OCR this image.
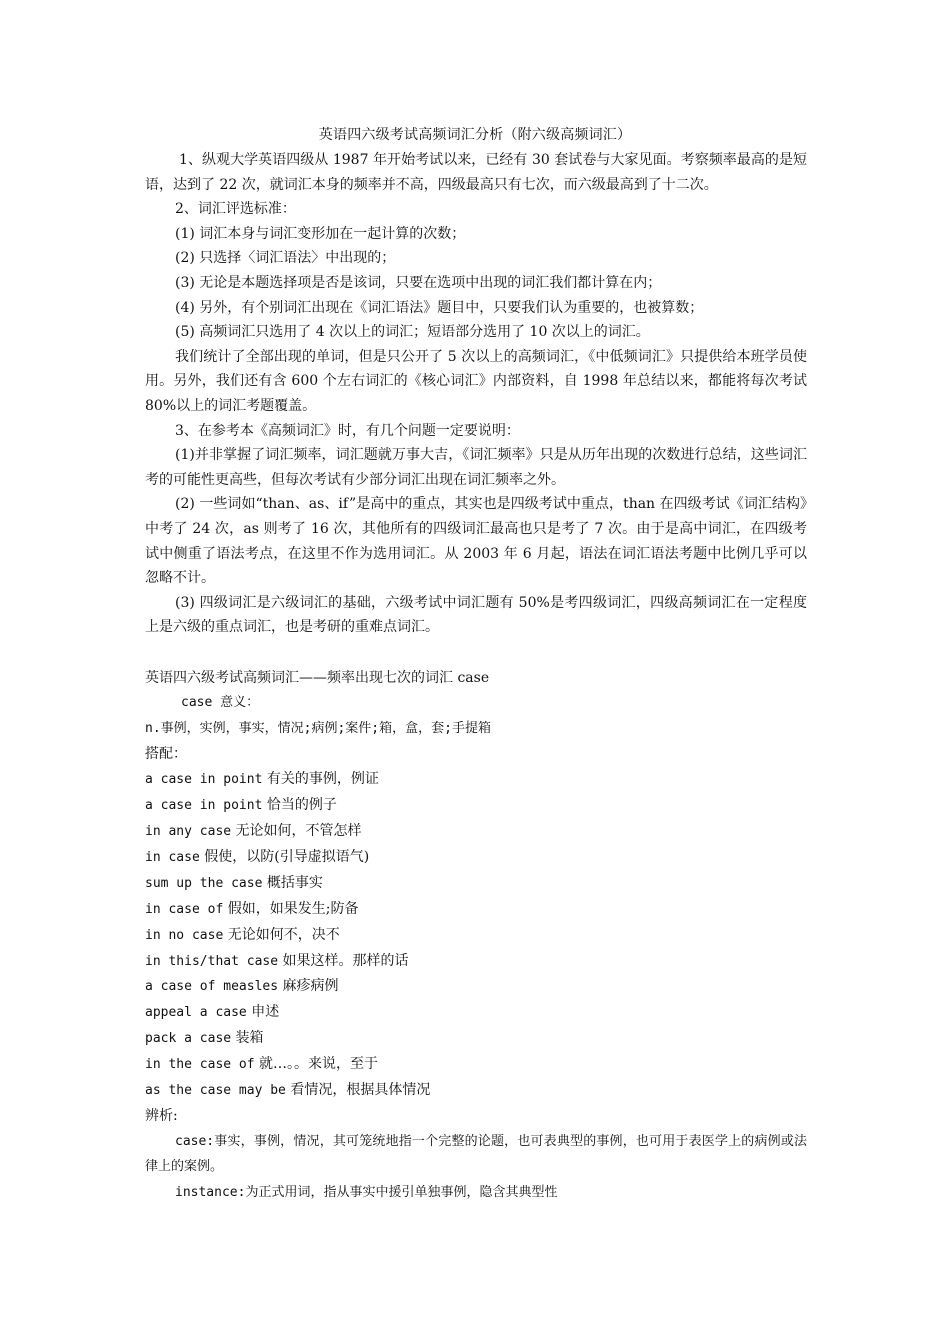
英语四六级考试高频词汇分析（附六级高频词汇）

1、纵观大学英语四级从 1987 年开始考试以来，已经有 30 套试卷与大家见面。考察频率最高的是短语，达到了 22 次，就词汇本身的频率并不高，四级最高只有七次，而六级最高到了十二次。

2、词汇评选标准：

(1) 词汇本身与词汇变形加在一起计算的次数；

(2) 只选择〈词汇语法〉中出现的；

(3) 无论是本题选择项是否是该词，只要在选项中出现的词汇我们都计算在内；

(4) 另外，有个别词汇出现在《词汇语法》题目中，只要我们认为重要的，也被算数；

(5) 高频词汇只选用了 4 次以上的词汇；短语部分选用了 10 次以上的词汇。

我们统计了全部出现的单词，但是只公开了 5 次以上的高频词汇，《中低频词汇》只提供给本班学员使用。另外，我们还有含 600 个左右词汇的《核心词汇》内部资料，自 1998 年总结以来，都能将每次考试 80%以上的词汇考题覆盖。

3、在参考本《高频词汇》时，有几个问题一定要说明：

(1)并非掌握了词汇频率，词汇题就万事大吉，《词汇频率》只是从历年出现的次数进行总结，这些词汇考的可能性更高些，但每次考试有少部分词汇出现在词汇频率之外。

(2) 一些词如“than、as、if”是高中的重点，其实也是四级考试中重点，than 在四级考试《词汇结构》中考了 24 次，as 则考了 16 次，其他所有的四级词汇最高也只是考了 7 次。由于是高中词汇，在四级考试中侧重了语法考点，在这里不作为选用词汇。从 2003 年 6 月起，语法在词汇语法考题中比例几乎可以忽略不计。

(3) 四级词汇是六级词汇的基础，六级考试中词汇题有 50%是考四级词汇，四级高频词汇在一定程度上是六级的重点词汇，也是考研的重难点词汇。

英语四六级考试高频词汇——频率出现七次的词汇 case

case 意义：

n.事例，实例，事实，情况;病例;案件;箱，盒，套;手提箱

搭配：

a case in point 有关的事例，例证

a case in point 恰当的例子

in any case 无论如何，不管怎样

in case 假使，以防(引导虚拟语气)

sum up the case 概括事实

in case of 假如，如果发生;防备

in no case 无论如何不，决不

in this/that case 如果这样。那样的话

a case of measles 麻疹病例

appeal a case 申述

pack a case 装箱

in the case of 就…。。来说，至于

as the case may be 看情况，根据具体情况

辨析:

case:事实，事例，情况，其可笼统地指一个完整的论题，也可表典型的事例，也可用于表医学上的病例或法律上的案例。

instance:为正式用词，指从事实中援引单独事例，隐含其典型性
